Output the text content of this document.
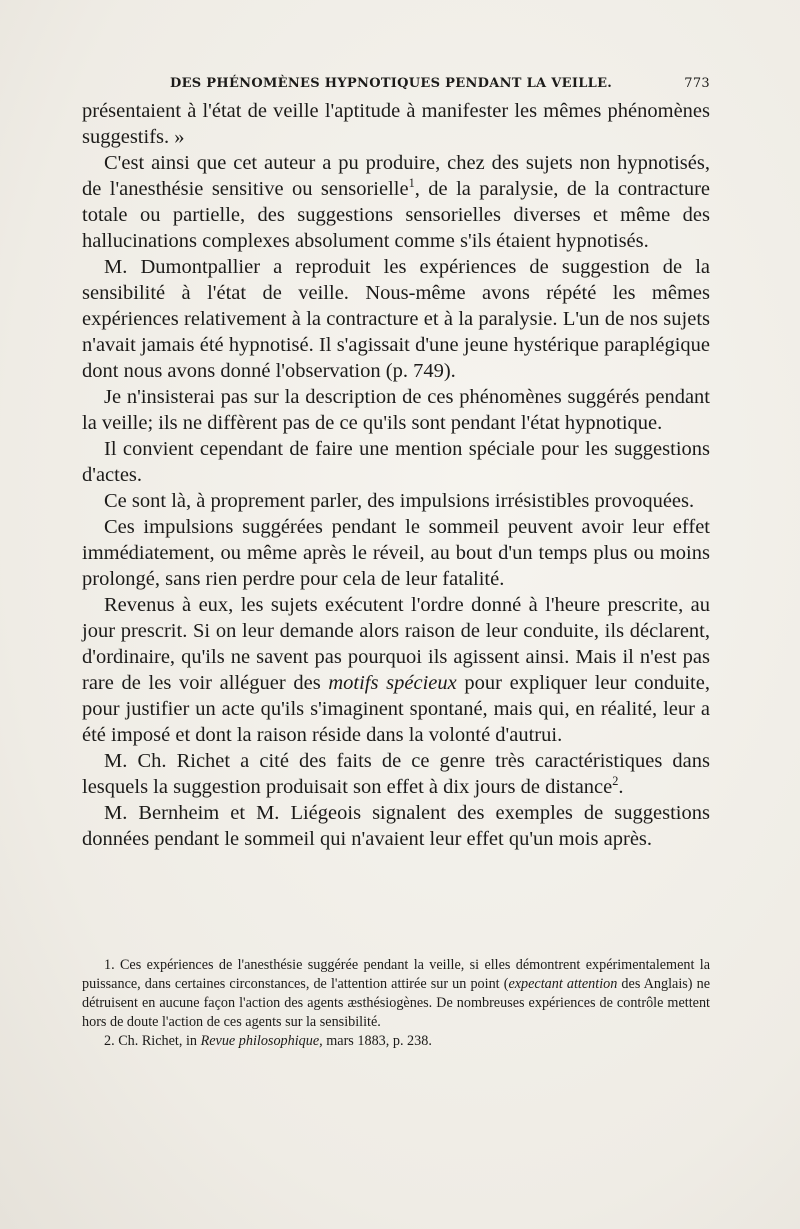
DES PHÉNOMÈNES HYPNOTIQUES PENDANT LA VEILLE.	773

présentaient à l'état de veille l'aptitude à manifester les mêmes phénomènes suggestifs. »

C'est ainsi que cet auteur a pu produire, chez des sujets non hypnotisés, de l'anesthésie sensitive ou sensorielle$^1$, de la paralysie, de la contracture totale ou partielle, des suggestions sensorielles diverses et même des hallucinations complexes absolument comme s'ils étaient hypnotisés.

M. Dumontpallier a reproduit les expériences de suggestion de la sensibilité à l'état de veille. Nous-même avons répété les mêmes expériences relativement à la contracture et à la paralysie. L'un de nos sujets n'avait jamais été hypnotisé. Il s'agissait d'une jeune hystérique paraplégique dont nous avons donné l'observation (p. 749).

Je n'insisterai pas sur la description de ces phénomènes suggérés pendant la veille; ils ne diffèrent pas de ce qu'ils sont pendant l'état hypnotique.

Il convient cependant de faire une mention spéciale pour les suggestions d'actes.

Ce sont là, à proprement parler, des impulsions irrésistibles provoquées.

Ces impulsions suggérées pendant le sommeil peuvent avoir leur effet immédiatement, ou même après le réveil, au bout d'un temps plus ou moins prolongé, sans rien perdre pour cela de leur fatalité.

Revenus à eux, les sujets exécutent l'ordre donné à l'heure prescrite, au jour prescrit. Si on leur demande alors raison de leur conduite, ils déclarent, d'ordinaire, qu'ils ne savent pas pourquoi ils agissent ainsi. Mais il n'est pas rare de les voir alléguer des motifs spécieux pour expliquer leur conduite, pour justifier un acte qu'ils s'imaginent spontané, mais qui, en réalité, leur a été imposé et dont la raison réside dans la volonté d'autrui.

M. Ch. Richet a cité des faits de ce genre très caractéristiques dans lesquels la suggestion produisait son effet à dix jours de distance$^2$.

M. Bernheim et M. Liégeois signalent des exemples de suggestions données pendant le sommeil qui n'avaient leur effet qu'un mois après.

1. Ces expériences de l'anesthésie suggérée pendant la veille, si elles démontrent expérimentalement la puissance, dans certaines circonstances, de l'attention attirée sur un point (expectant attention des Anglais) ne détruisent en aucune façon l'action des agents æsthésiogènes. De nombreuses expériences de contrôle mettent hors de doute l'action de ces agents sur la sensibilité.

2. Ch. Richet, in Revue philosophique, mars 1883, p. 238.
